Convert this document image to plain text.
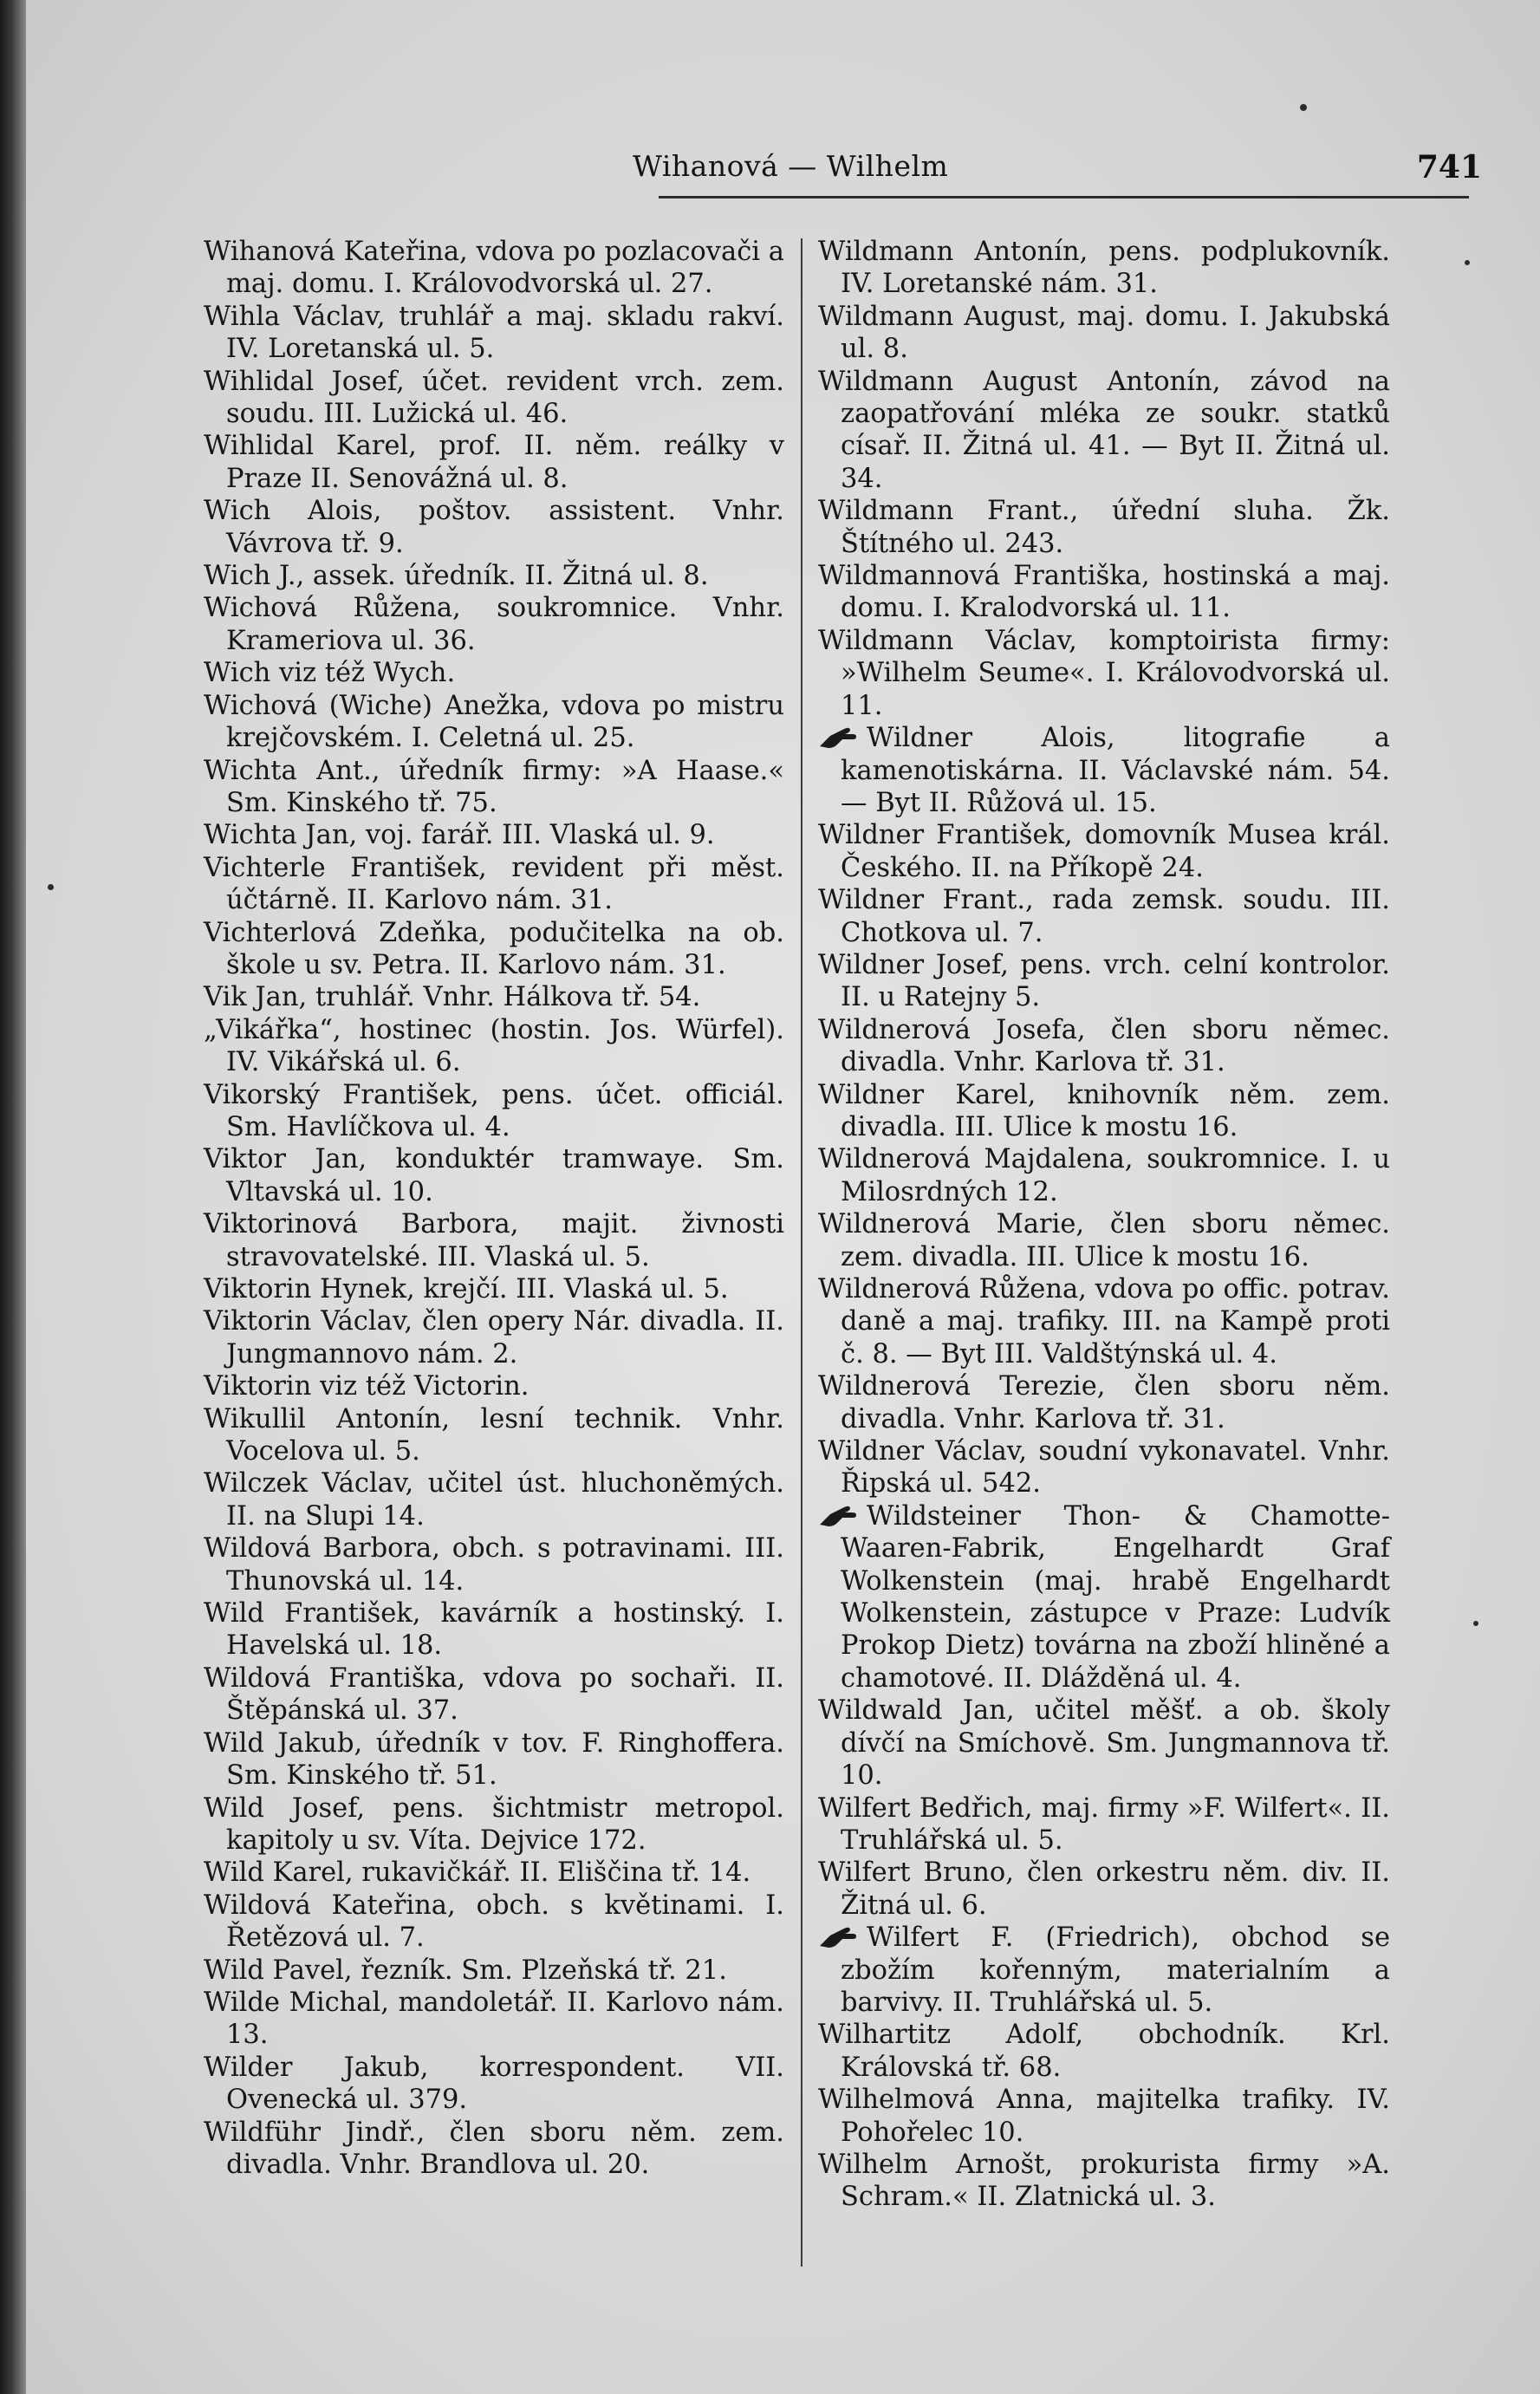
Wihanová — Wilhelm	741

Wihanová Kateřina, vdova po pozlacovači a maj. domu. I. Královodvorská ul. 27.

Wihla Václav, truhlář a maj. skladu rakví. IV. Loretanská ul. 5.

Wihlidal Josef, účet. revident vrch. zem. soudu. III. Lužická ul. 46.

Wihlidal Karel, prof. II. něm. reálky v Praze II. Senovážná ul. 8.

Wich Alois, poštov. assistent. Vnhr. Vávrova tř. 9.

Wich J., assek. úředník. II. Žitná ul. 8.

Wichová Růžena, soukromnice. Vnhr. Krameriova ul. 36.

Wich viz též Wych.

Wichová (Wiche) Anežka, vdova po mistru krejčovském. I. Celetná ul. 25.

Wichta Ant., úředník firmy: »A Haase.« Sm. Kinského tř. 75.

Wichta Jan, voj. farář. III. Vlaská ul. 9.

Vichterle František, revident při měst. účtárně. II. Karlovo nám. 31.

Vichterlová Zdeňka, podučitelka na ob. škole u sv. Petra. II. Karlovo nám. 31.

Vik Jan, truhlář. Vnhr. Hálkova tř. 54.

„Vikářka“, hostinec (hostin. Jos. Würfel). IV. Vikářská ul. 6.

Vikorský František, pens. účet. officiál. Sm. Havlíčkova ul. 4.

Viktor Jan, konduktér tramwaye. Sm. Vltavská ul. 10.

Viktorinová Barbora, majit. živnosti stravovatelské. III. Vlaská ul. 5.

Viktorin Hynek, krejčí. III. Vlaská ul. 5.

Viktorin Václav, člen opery Nár. divadla. II. Jungmannovo nám. 2.

Viktorin viz též Victorin.

Wikullil Antonín, lesní technik. Vnhr. Vocelova ul. 5.

Wilczek Václav, učitel úst. hluchoněmých. II. na Slupi 14.

Wildová Barbora, obch. s potravinami. III. Thunovská ul. 14.

Wild František, kavárník a hostinský. I. Havelská ul. 18.

Wildová Františka, vdova po sochaři. II. Štěpánská ul. 37.

Wild Jakub, úředník v tov. F. Ringhofferа. Sm. Kinského tř. 51.

Wild Josef, pens. šichtmistr metropol. kapitoly u sv. Víta. Dejvice 172.

Wild Karel, rukavičkář. II. Eliščina tř. 14.

Wildová Kateřina, obch. s květinami. I. Řetězová ul. 7.

Wild Pavel, řezník. Sm. Plzeňská tř. 21.

Wilde Michal, mandoletář. II. Karlovo nám. 13.

Wilder Jakub, korrespondent. VII. Ovenecká ul. 379.

Wildführ Jindř., člen sboru něm. zem. divadla. Vnhr. Brandlova ul. 20.

Wildmann Antonín, pens. podplukovník. IV. Loretanské nám. 31.

Wildmann August, maj. domu. I. Jakubská ul. 8.

Wildmann August Antonín, závod na zaopatřování mléka ze soukr. statků císař. II. Žitná ul. 41. — Byt II. Žitná ul. 34.

Wildmann Frant., úřední sluha. Žk. Štítného ul. 243.

Wildmannová Františka, hostinská a maj. domu. I. Kralodvorská ul. 11.

Wildmann Václav, komptoirista firmy: »Wilhelm Seume«. I. Královodvorská ul. 11.

Wildner Alois, litografie a kamenotiskárna. II. Václavské nám. 54. — Byt II. Růžová ul. 15.

Wildner František, domovník Musea král. Českého. II. na Příkopě 24.

Wildner Frant., rada zemsk. soudu. III. Chotkova ul. 7.

Wildner Josef, pens. vrch. celní kontrolor. II. u Ratejny 5.

Wildnerová Josefa, člen sboru němec. divadla. Vnhr. Karlova tř. 31.

Wildner Karel, knihovník něm. zem. divadla. III. Ulice k mostu 16.

Wildnerová Majdalena, soukromnice. I. u Milosrdných 12.

Wildnerová Marie, člen sboru němec. zem. divadla. III. Ulice k mostu 16.

Wildnerová Růžena, vdova po offic. potrav. daně a maj. trafiky. III. na Kampě proti č. 8. — Byt III. Valdštýnská ul. 4.

Wildnerová Terezie, člen sboru něm. divadla. Vnhr. Karlova tř. 31.

Wildner Václav, soudní vykonavatel. Vnhr. Řipská ul. 542.

Wildsteiner Thon- & Chamotte-Waaren-Fabrik, Engelhardt Graf Wolkenstein (maj. hrabě Engelhardt Wolkenstein, zástupce v Praze: Ludvík Prokop Dietz) továrna na zboží hliněné a chamotové. II. Dlážděná ul. 4.

Wildwald Jan, učitel měšť. a ob. školy dívčí na Smíchově. Sm. Jungmannova tř. 10.

Wilfert Bedřich, maj. firmy »F. Wilfert«. II. Truhlářská ul. 5.

Wilfert Bruno, člen orkestru něm. div. II. Žitná ul. 6.

Wilfert F. (Friedrich), obchod se zbožím kořenným, materialním a barvivy. II. Truhlářská ul. 5.

Wilhartitz Adolf, obchodník. Krl. Královská tř. 68.

Wilhelmová Anna, majitelka trafiky. IV. Pohořelec 10.

Wilhelm Arnošt, prokurista firmy »A. Schram.« II. Zlatnická ul. 3.
